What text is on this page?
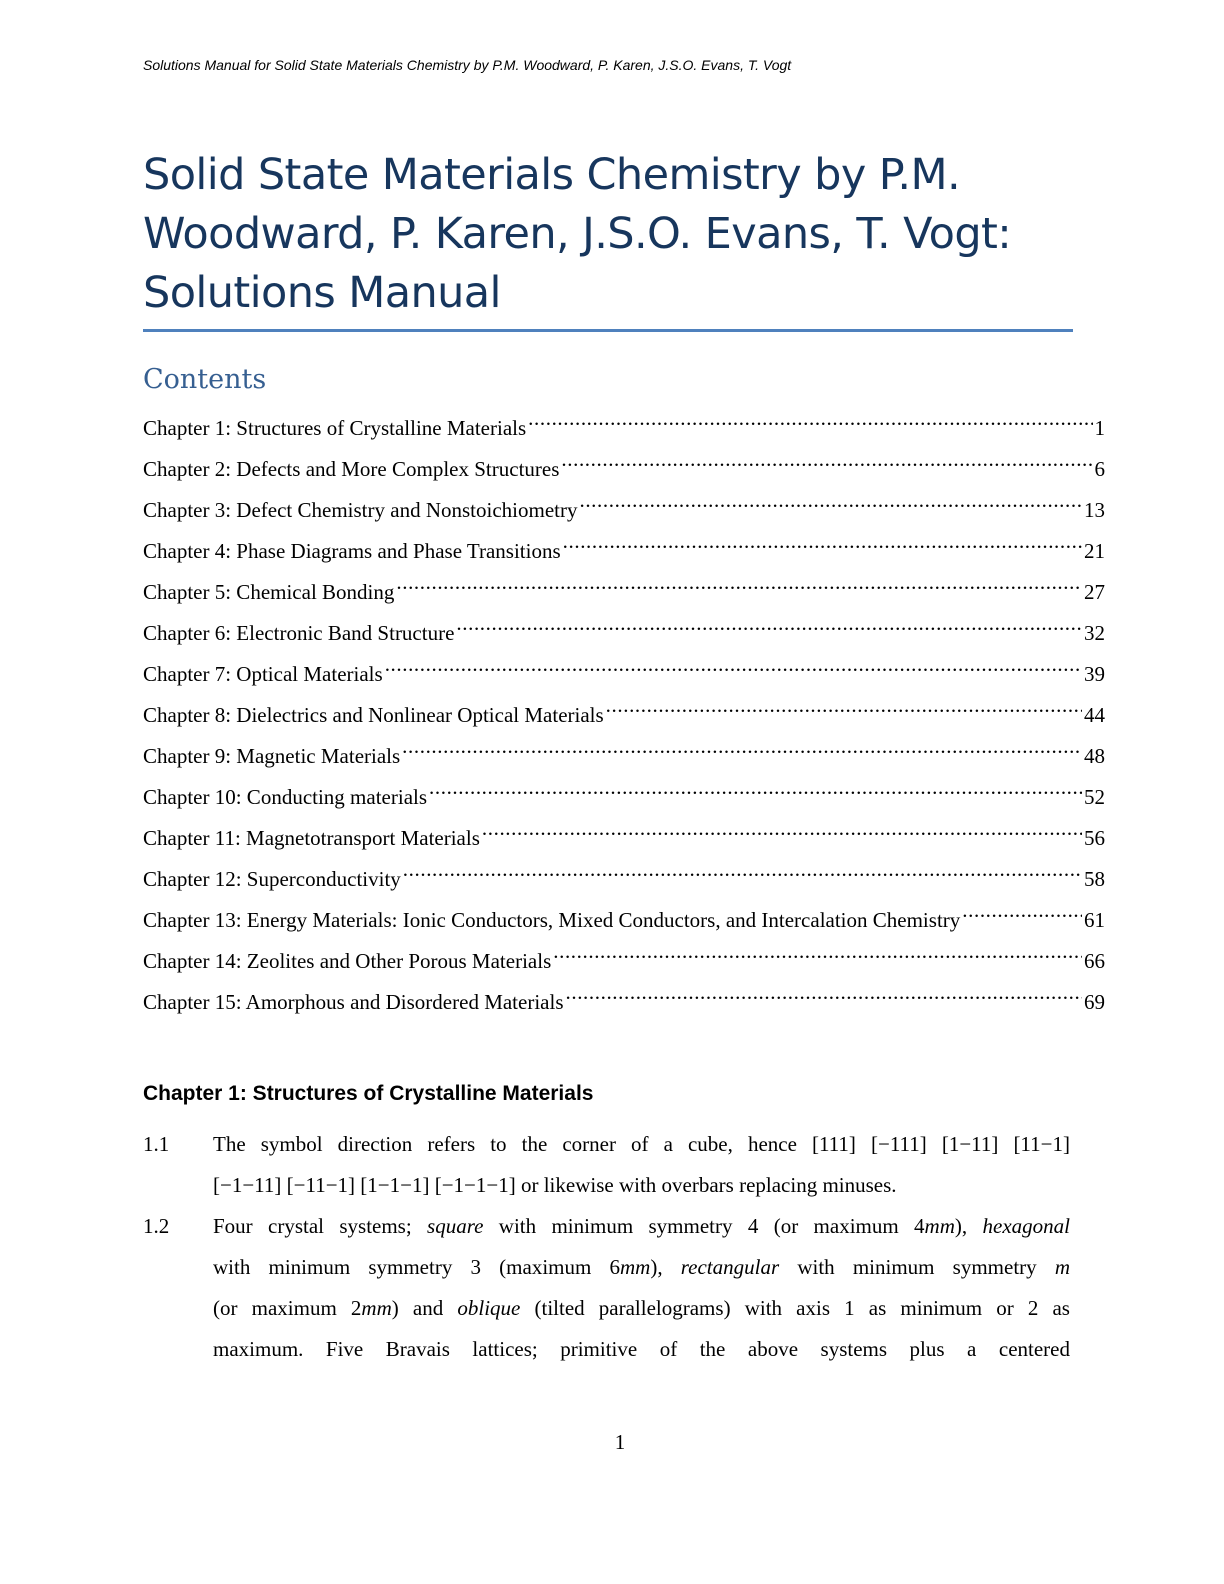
Solutions Manual for Solid State Materials Chemistry by P.M. Woodward, P. Karen, J.S.O. Evans, T. Vogt
Solid State Materials Chemistry by P.M.
Woodward, P. Karen, J.S.O. Evans, T. Vogt:
Solutions Manual
Contents
Chapter 1: Structures of Crystalline Materials .....	1
Chapter 2: Defects and More Complex Structures .....	6
Chapter 3: Defect Chemistry and Nonstoichiometry .....	13
Chapter 4: Phase Diagrams and Phase Transitions .....	21
Chapter 5: Chemical Bonding .....	27
Chapter 6: Electronic Band Structure .....	32
Chapter 7: Optical Materials .....	39
Chapter 8: Dielectrics and Nonlinear Optical Materials .....	44
Chapter 9: Magnetic Materials .....	48
Chapter 10: Conducting materials .....	52
Chapter 11: Magnetotransport Materials .....	56
Chapter 12: Superconductivity .....	58
Chapter 13: Energy Materials: Ionic Conductors, Mixed Conductors, and Intercalation Chemistry .....	61
Chapter 14: Zeolites and Other Porous Materials .....	66
Chapter 15: Amorphous and Disordered Materials .....	69
Chapter 1: Structures of Crystalline Materials
1.1 The symbol direction refers to the corner of a cube, hence [111] [−111] [1−11] [11−1]
[−1−11] [−11−1] [1−1−1] [−1−1−1] or likewise with overbars replacing minuses.
1.2 Four crystal systems; square with minimum symmetry 4 (or maximum 4mm), hexagonal
with minimum symmetry 3 (maximum 6mm), rectangular with minimum symmetry m
(or maximum 2mm) and oblique (tilted parallelograms) with axis 1 as minimum or 2 as
maximum. Five Bravais lattices; primitive of the above systems plus a centered
1
